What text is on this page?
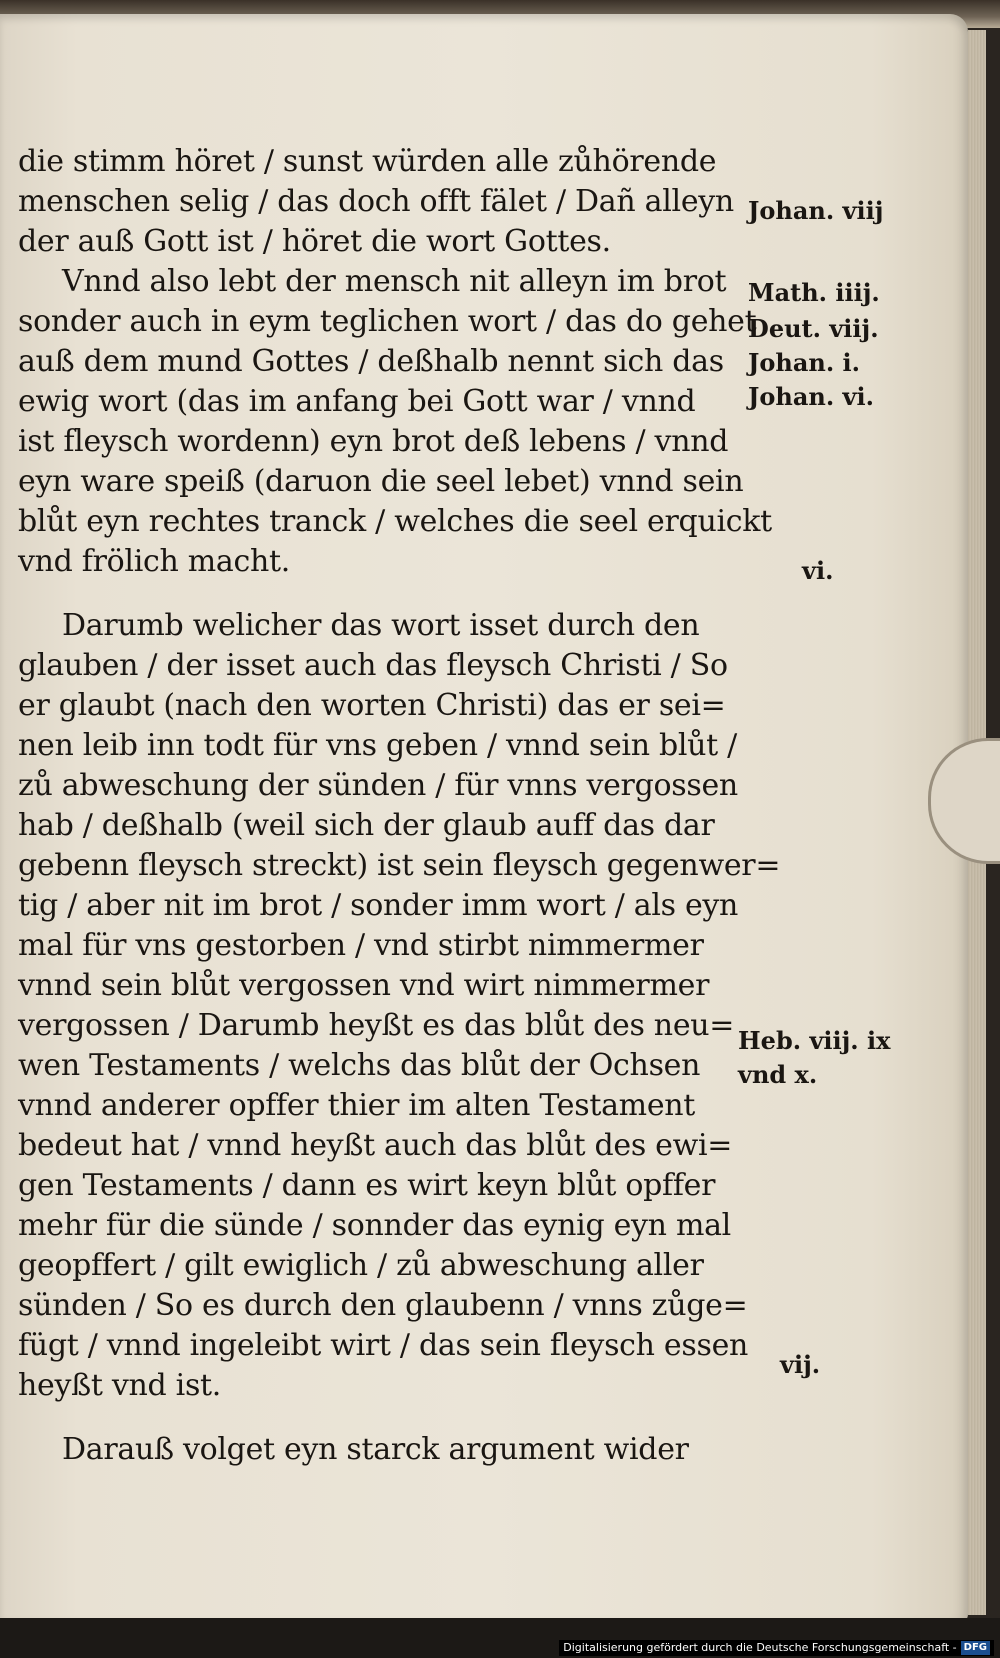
die stimm höret / sunst würden alle zůhörende
menschen selig / das doch offt fälet / Dañ alleyn
der auß Gott ist / höret die wort Gottes.
Vnnd also lebt der mensch nit alleyn im brot
sonder auch in eym teglichen wort / das do gehet
auß dem mund Gottes / deßhalb nennt sich das
ewig wort (das im anfang bei Gott war / vnnd
ist fleysch wordenn) eyn brot deß lebens / vnnd
eyn ware speiß (daruon die seel lebet) vnnd sein
blůt eyn rechtes tranck / welches die seel erquickt
vnd frölich macht.
Darumb welicher das wort isset durch den
glauben / der isset auch das fleysch Christi / So
er glaubt (nach den worten Christi) das er sei=
nen leib inn todt für vns geben / vnnd sein blůt /
zů abweschung der sünden / für vnns vergossen
hab / deßhalb (weil sich der glaub auff das dar
gebenn fleysch streckt) ist sein fleysch gegenwer=
tig / aber nit im brot / sonder imm wort / als eyn
mal für vns gestorben / vnd stirbt nimmermer
vnnd sein blůt vergossen vnd wirt nimmermer
vergossen / Darumb heyßt es das blůt des neu=
wen Testaments / welchs das blůt der Ochsen
vnnd anderer opffer thier im alten Testament
bedeut hat / vnnd heyßt auch das blůt des ewi=
gen Testaments / dann es wirt keyn blůt opffer
mehr für die sünde / sonnder das eynig eyn mal
geopffert / gilt ewiglich / zů abweschung aller
sünden / So es durch den glaubenn / vnns zůge=
fügt / vnnd ingeleibt wirt / das sein fleysch essen
heyßt vnd ist.
Darauß volget eyn starck argument wider
Johan. viij
Math. iiij.
Deut. viij.
Johan. i.
Johan. vi.
vi.
Heb. viij. ix
vnd x.
vij.
Digitalisierung gefördert durch die Deutsche Forschungsgemeinschaft - DFG
